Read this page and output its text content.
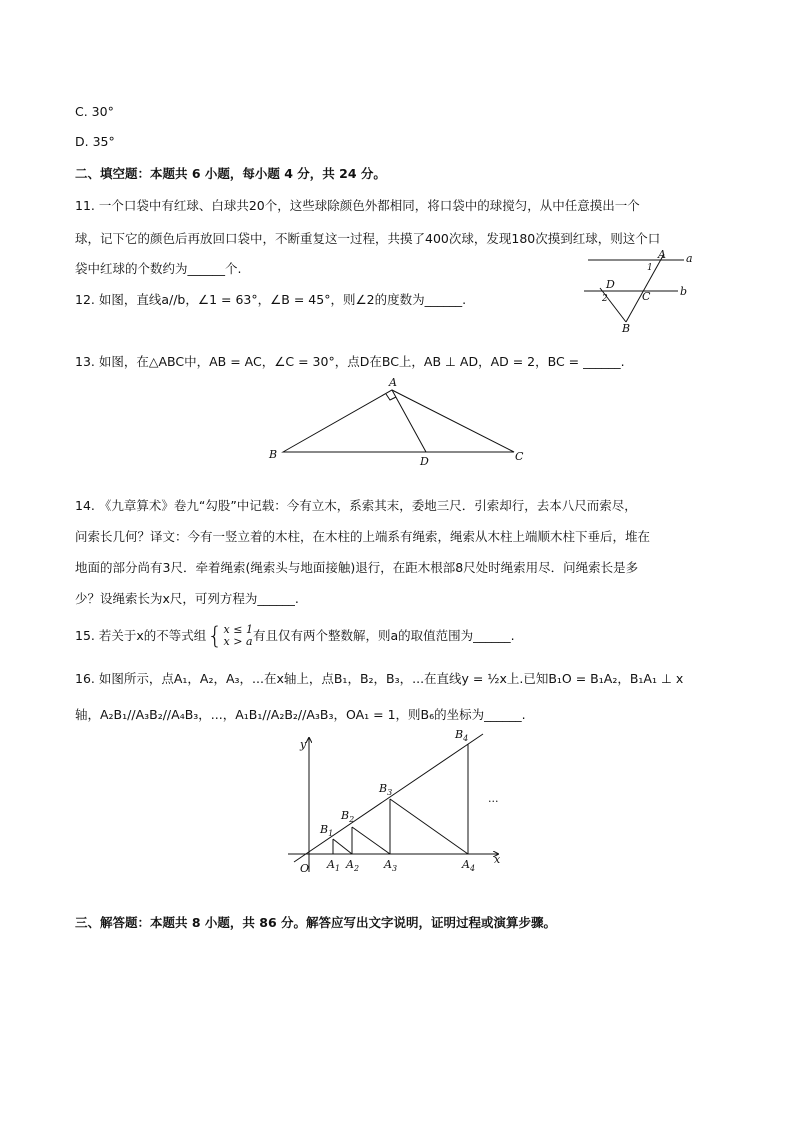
C. 30°
D. 35°
二、填空题：本题共 6 小题，每小题 4 分，共 24 分。
11. 一个口袋中有红球、白球共20个，这些球除颜色外都相同，将口袋中的球搅匀，从中任意摸出一个
球，记下它的颜色后再放回口袋中，不断重复这一过程，共摸了400次球，发现180次摸到红球，则这个口
袋中红球的个数约为______个.
12. 如图，直线a//b，∠1 = 63°，∠B = 45°，则∠2的度数为______.
a
b
A
B
C
D
1
2
13. 如图，在△ABC中，AB = AC，∠C = 30°，点D在BC上，AB ⊥ AD，AD = 2，BC = ______.
A
B
D	C
14. 《九章算术》卷九“勾股”中记载：今有立木，系索其末，委地三尺．引索却行，去本八尺而索尽，
问索长几何？译文：今有一竖立着的木柱，在木柱的上端系有绳索，绳索从木柱上端顺木柱下垂后，堆在
地面的部分尚有3尺．牵着绳索(绳索头与地面接触)退行，在距木根部8尺处时绳索用尽．问绳索长是多
少？设绳索长为x尺，可列方程为______.
15. 若关于x的不等式组 { x ≤ 1
x > a 有且仅有两个整数解，则a的取值范围为______.
16. 如图所示，点A₁，A₂，A₃，...在x轴上，点B₁，B₂，B₃，...在直线y = ½x上.已知B₁O = B₁A₂，B₁A₁ ⊥ x
轴，A₂B₁//A₃B₂//A₄B₃，...，A₁B₁//A₂B₂//A₃B₃，OA₁ = 1，则B₆的坐标为______.
y
x
O
$B_1$
$B_2$
$B_3$
$B_4$
$A_1$ $A_2$ $A_3$	$A_4$
...
三、解答题：本题共 8 小题，共 86 分。解答应写出文字说明，证明过程或演算步骤。
